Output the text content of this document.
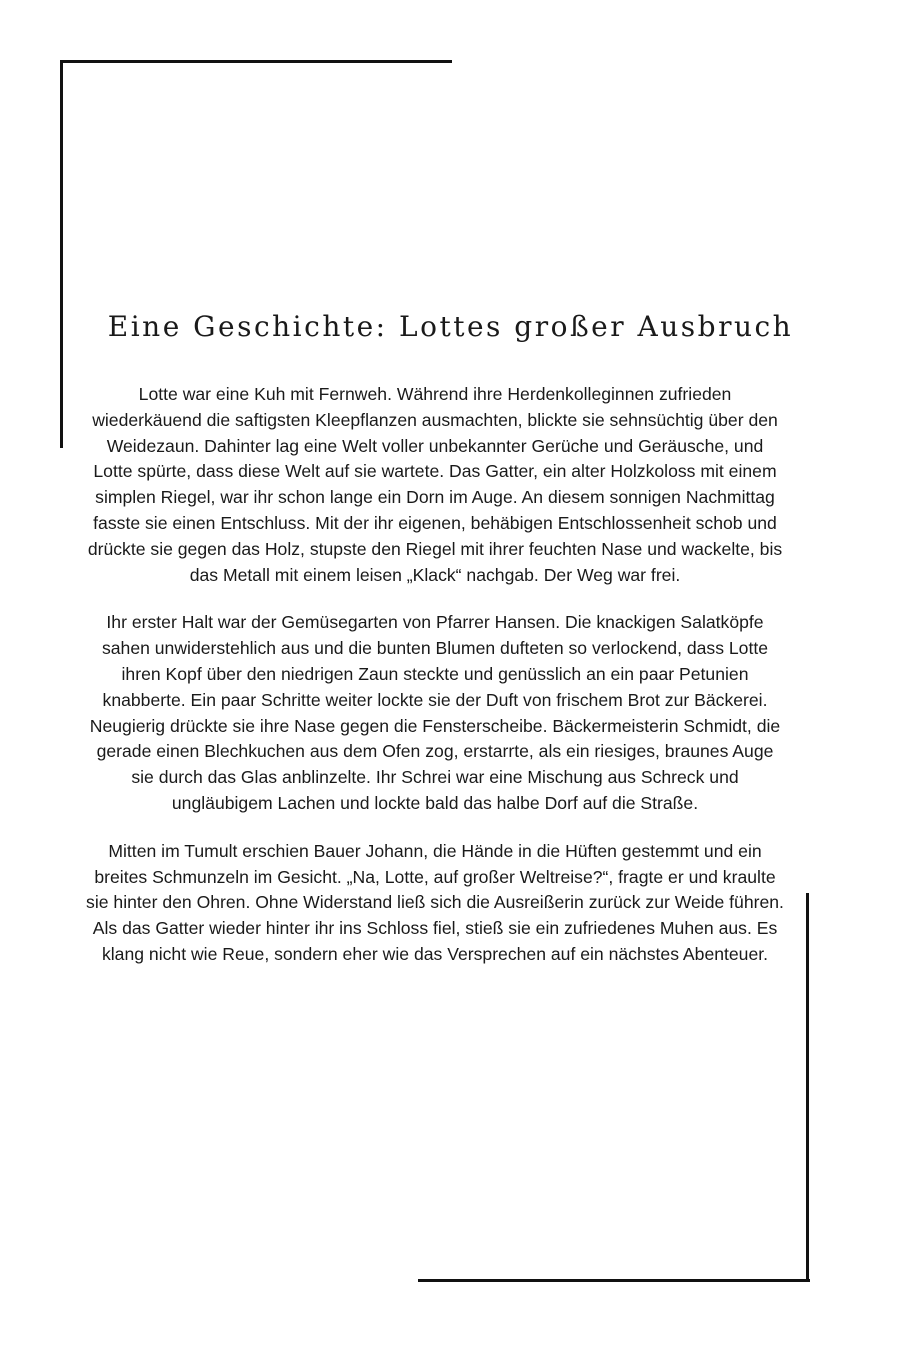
Eine Geschichte: Lottes großer Ausbruch

Lotte war eine Kuh mit Fernweh. Während ihre Herdenkolleginnen zufrieden wiederkäuend die saftigsten Kleepflanzen ausmachten, blickte sie sehnsüchtig über den Weidezaun. Dahinter lag eine Welt voller unbekannter Gerüche und Geräusche, und Lotte spürte, dass diese Welt auf sie wartete. Das Gatter, ein alter Holzkoloss mit einem simplen Riegel, war ihr schon lange ein Dorn im Auge. An diesem sonnigen Nachmittag fasste sie einen Entschluss. Mit der ihr eigenen, behäbigen Entschlossenheit schob und drückte sie gegen das Holz, stupste den Riegel mit ihrer feuchten Nase und wackelte, bis das Metall mit einem leisen „Klack“ nachgab. Der Weg war frei.

Ihr erster Halt war der Gemüsegarten von Pfarrer Hansen. Die knackigen Salatköpfe sahen unwiderstehlich aus und die bunten Blumen dufteten so verlockend, dass Lotte ihren Kopf über den niedrigen Zaun steckte und genüsslich an ein paar Petunien knabberte. Ein paar Schritte weiter lockte sie der Duft von frischem Brot zur Bäckerei. Neugierig drückte sie ihre Nase gegen die Fensterscheibe. Bäckermeisterin Schmidt, die gerade einen Blechkuchen aus dem Ofen zog, erstarrte, als ein riesiges, braunes Auge sie durch das Glas anblinzelte. Ihr Schrei war eine Mischung aus Schreck und ungläubigem Lachen und lockte bald das halbe Dorf auf die Straße.

Mitten im Tumult erschien Bauer Johann, die Hände in die Hüften gestemmt und ein breites Schmunzeln im Gesicht. „Na, Lotte, auf großer Weltreise?“, fragte er und kraulte sie hinter den Ohren. Ohne Widerstand ließ sich die Ausreißerin zurück zur Weide führen. Als das Gatter wieder hinter ihr ins Schloss fiel, stieß sie ein zufriedenes Muhen aus. Es klang nicht wie Reue, sondern eher wie das Versprechen auf ein nächstes Abenteuer.
